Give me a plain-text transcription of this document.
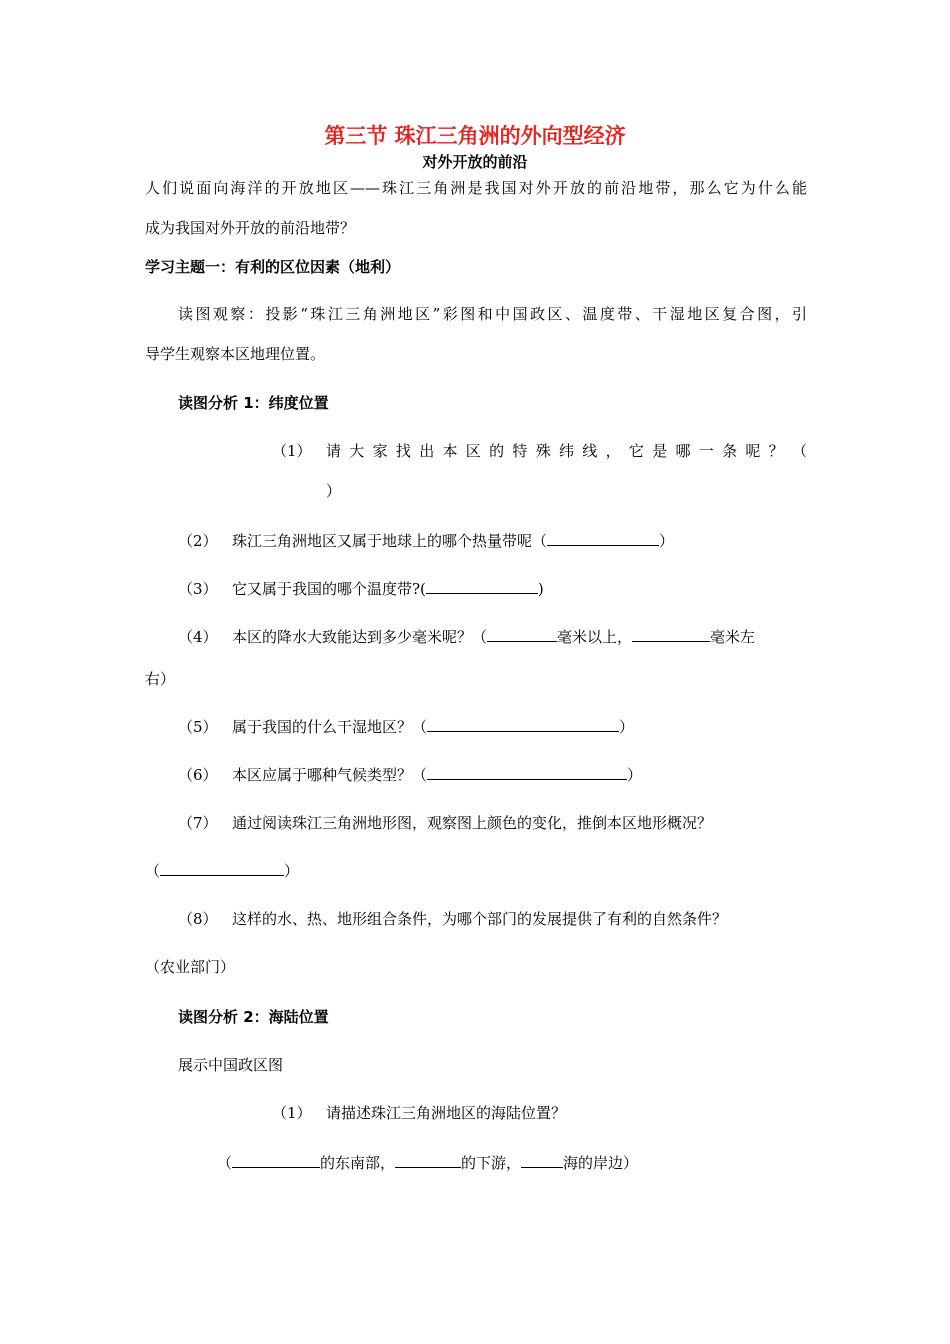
第三节 珠江三角洲的外向型经济
对外开放的前沿
人们说面向海洋的开放地区——珠江三角洲是我国对外开放的前沿地带，那么它为什么能
成为我国对外开放的前沿地带？
学习主题一：有利的区位因素（地利）
读图观察：投影“珠江三角洲地区”彩图和中国政区、温度带、干湿地区复合图，引
导学生观察本区地理位置。
读图分析 1：纬度位置
（1） 请大家找出本区的特殊纬线，它是哪一条呢？（
）
（2） 珠江三角洲地区又属于地球上的哪个热量带呢（	）
（3） 它又属于我国的哪个温度带?(	)
（4） 本区的降水大致能达到多少毫米呢？（	毫米以上，	毫米左
右）
（5） 属于我国的什么干湿地区？（	）
（6） 本区应属于哪种气候类型？（	）
（7） 通过阅读珠江三角洲地形图，观察图上颜色的变化，推倒本区地形概况？
（	）
（8） 这样的水、热、地形组合条件，为哪个部门的发展提供了有利的自然条件？
（农业部门）
读图分析 2：海陆位置
展示中国政区图
（1） 请描述珠江三角洲地区的海陆位置？
（	的东南部，	的下游，	海的岸边）
